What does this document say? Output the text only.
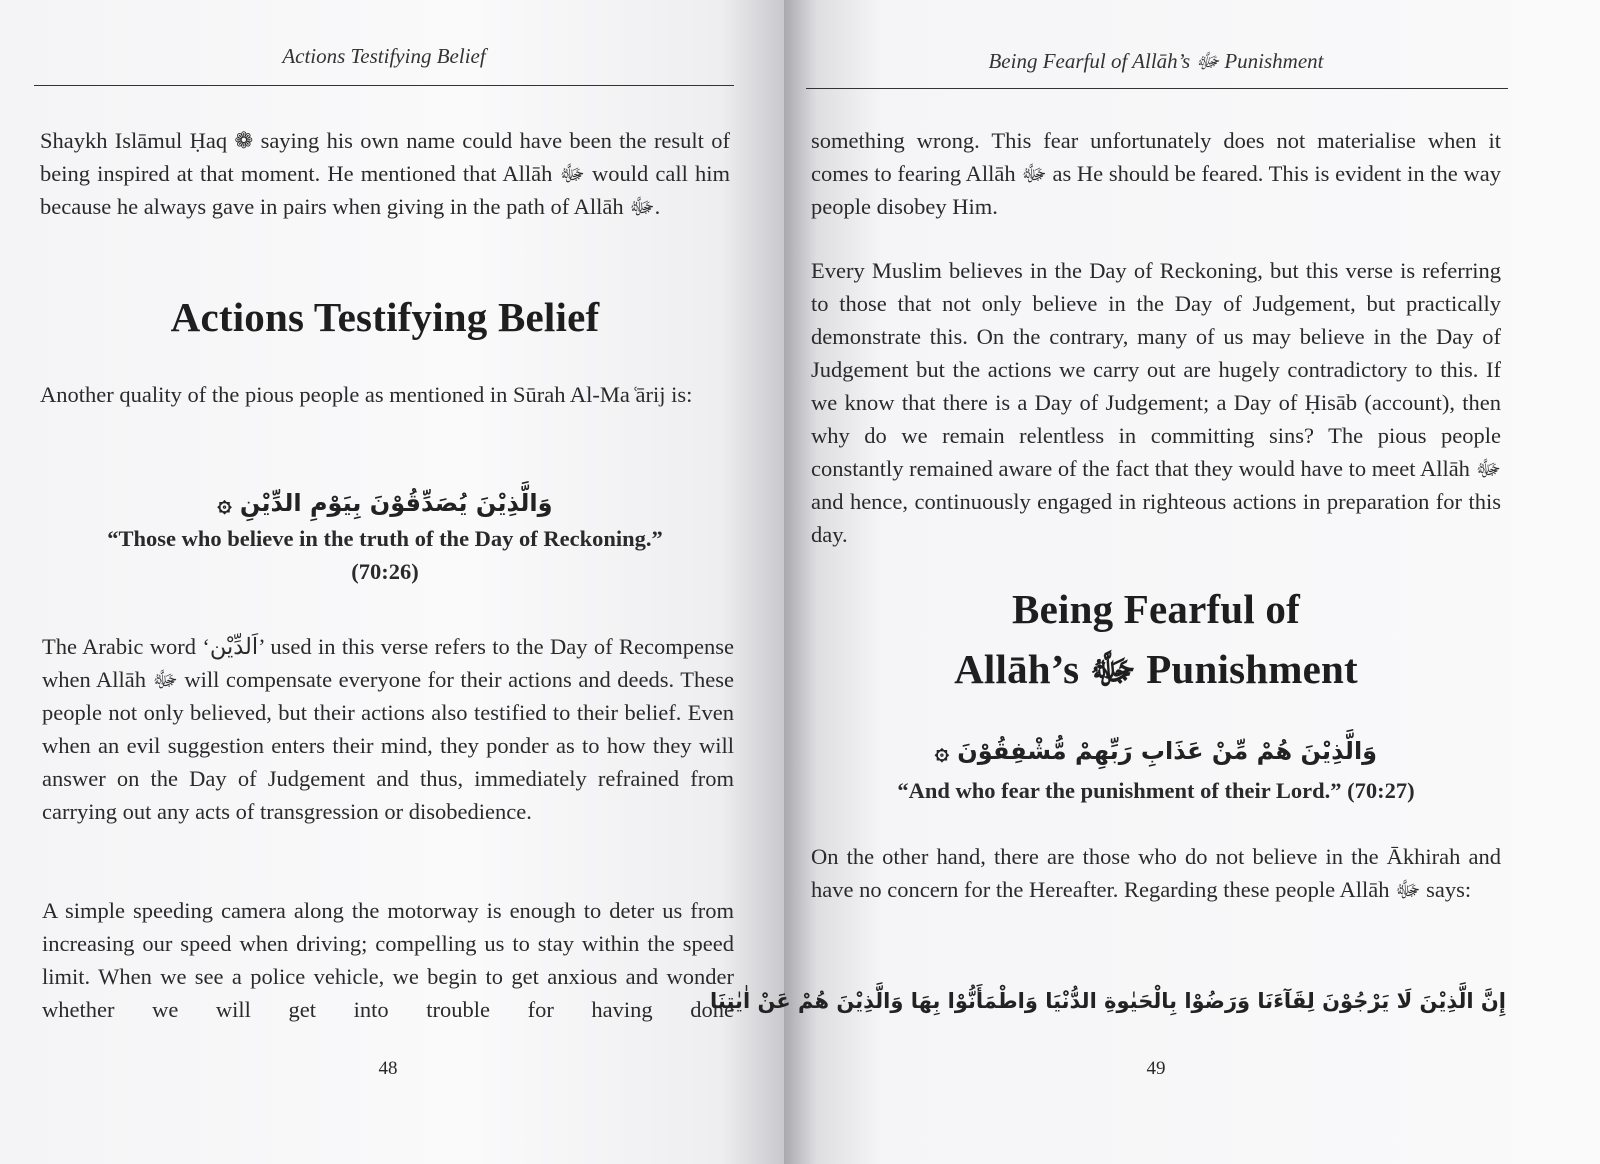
Actions Testifying Belief

Shaykh Islāmul Ḥaq ❁ saying his own name could have been the result of being inspired at that moment. He mentioned that Allāh ﷻ would call him because he always gave in pairs when giving in the path of Allāh ﷻ.

Actions Testifying Belief

Another quality of the pious people as mentioned in Sūrah Al-Ma ͑ārij is:

وَالَّذِيْنَ يُصَدِّقُوْنَ بِيَوْمِ الدِّيْنِ ۞

“Those who believe in the truth of the Day of Reckoning.” (70:26)

The Arabic word ‘اَلدِّيْن’ used in this verse refers to the Day of Recompense when Allāh ﷻ will compensate everyone for their actions and deeds. These people not only believed, but their actions also testified to their belief. Even when an evil suggestion enters their mind, they ponder as to how they will answer on the Day of Judgement and thus, immediately refrained from carrying out any acts of transgression or disobedience.

A simple speeding camera along the motorway is enough to deter us from increasing our speed when driving; compelling us to stay within the speed limit. When we see a police vehicle, we begin to get anxious and wonder whether we will get into trouble for having done

48
Being Fearful of Allāh’s ﷻ Punishment

something wrong. This fear unfortunately does not materialise when it comes to fearing Allāh ﷻ as He should be feared. This is evident in the way people disobey Him.

Every Muslim believes in the Day of Reckoning, but this verse is referring to those that not only believe in the Day of Judgement, but practically demonstrate this. On the contrary, many of us may believe in the Day of Judgement but the actions we carry out are hugely contradictory to this. If we know that there is a Day of Judgement; a Day of Ḥisāb (account), then why do we remain relentless in committing sins? The pious people constantly remained aware of the fact that they would have to meet Allāh ﷻ and hence, continuously engaged in righteous actions in preparation for this day.

Being Fearful of
Allāh’s ﷻ Punishment
وَالَّذِيْنَ هُمْ مِّنْ عَذَابِ رَبِّهِمْ مُّشْفِقُوْنَ ۞

“And who fear the punishment of their Lord.” (70:27)

On the other hand, there are those who do not believe in the Ākhirah and have no concern for the Hereafter. Regarding these people Allāh ﷻ says:

إِنَّ الَّذِيْنَ لَا يَرْجُوْنَ لِقَآءَنَا وَرَضُوْا بِالْحَيٰوةِ الدُّنْيَا وَاطْمَأَنُّوْا بِهَا وَالَّذِيْنَ هُمْ عَنْ اٰيٰتِنَا
49
